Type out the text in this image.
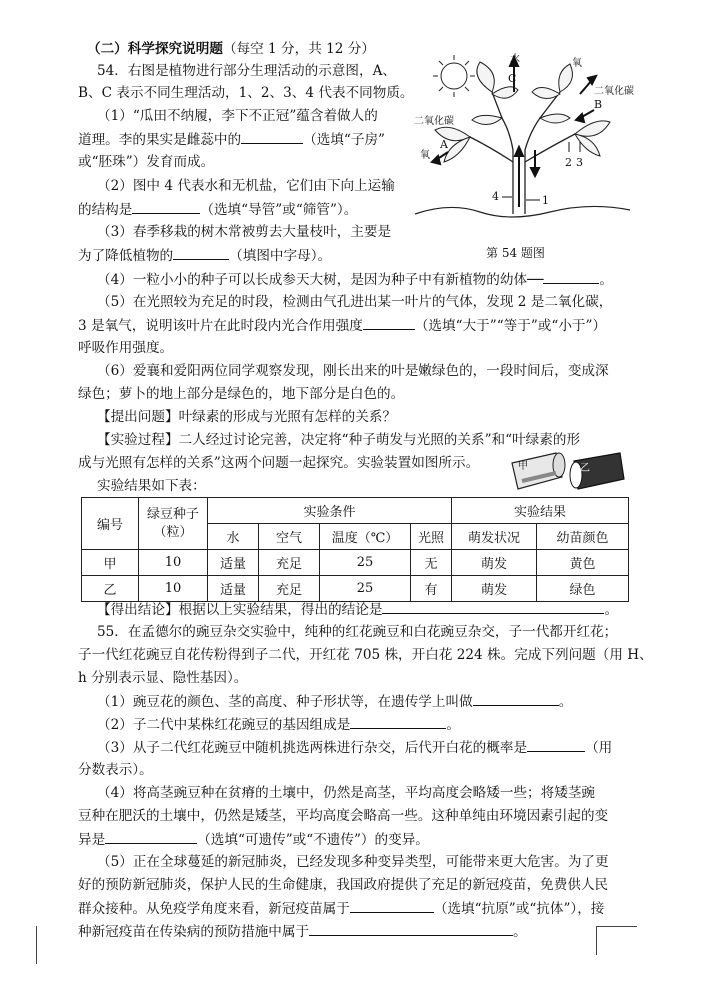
（二）科学探究说明题（每空 1 分，共 12 分）
54．右图是植物进行部分生理活动的示意图，A、
B、C 表示不同生理活动，1、2、3、4 代表不同物质。
（1）“瓜田不纳履，李下不正冠”蕴含着做人的
道理。李的果实是雌蕊中的	（选填“子房”
或“胚珠”）发育而成。
（2）图中 4 代表水和无机盐，它们由下向上运输
的结构是	（选填“导管”或“筛管”）。
（3）春季移栽的树木常被剪去大量枝叶，主要是
为了降低植物的	（填图中字母）。
水	氧
二氧化碳
二氧化碳
氧
A
B
C
1
2 3
4
第 54 题图
（4）一粒小小的种子可以长成参天大树，是因为种子中有新植物的幼体──	。
（5）在光照较为充足的时段，检测由气孔进出某一叶片的气体，发现 2 是二氧化碳，
3 是氧气，说明该叶片在此时段内光合作用强度	（选填“大于”“等于”或“小于”）
呼吸作用强度。
（6）爱襄和爱阳两位同学观察发现，刚长出来的叶是嫩绿色的，一段时间后，变成深
绿色；萝卜的地上部分是绿色的，地下部分是白色的。
【提出问题】叶绿素的形成与光照有怎样的关系？
【实验过程】二人经过讨论完善，决定将“种子萌发与光照的关系”和“叶绿素的形
成与光照有怎样的关系”这两个问题一起探究。实验装置如图所示。
实验结果如下表：
甲	乙
编号	绿豆种子
（粒）	实验条件				实验结果	
		水	空气	温度（℃）	光照	萌发状况	幼苗颜色
甲	10	适量	充足	25	无	萌发	黄色
乙	10	适量	充足	25	有	萌发	绿色
【得出结论】根据以上实验结果，得出的结论是	。
55．在孟德尔的豌豆杂交实验中，纯种的红花豌豆和白花豌豆杂交，子一代都开红花；
子一代红花豌豆自花传粉得到子二代，开红花 705 株，开白花 224 株。完成下列问题（用 H、
h 分别表示显、隐性基因）。
（1）豌豆花的颜色、茎的高度、种子形状等，在遗传学上叫做	。
（2）子二代中某株红花豌豆的基因组成是	。
（3）从子二代红花豌豆中随机挑选两株进行杂交，后代开白花的概率是	（用
分数表示）。
（4）将高茎豌豆种在贫瘠的土壤中，仍然是高茎，平均高度会略矮一些；将矮茎豌
豆种在肥沃的土壤中，仍然是矮茎，平均高度会略高一些。这种单纯由环境因素引起的变
异是	（选填“可遗传”或“不遗传”）的变异。
（5）正在全球蔓延的新冠肺炎，已经发现多种变异类型，可能带来更大危害。为了更
好的预防新冠肺炎，保护人民的生命健康，我国政府提供了充足的新冠疫苗，免费供人民
群众接种。从免疫学角度来看，新冠疫苗属于	（选填“抗原”或“抗体”），接
种新冠疫苗在传染病的预防措施中属于	。
